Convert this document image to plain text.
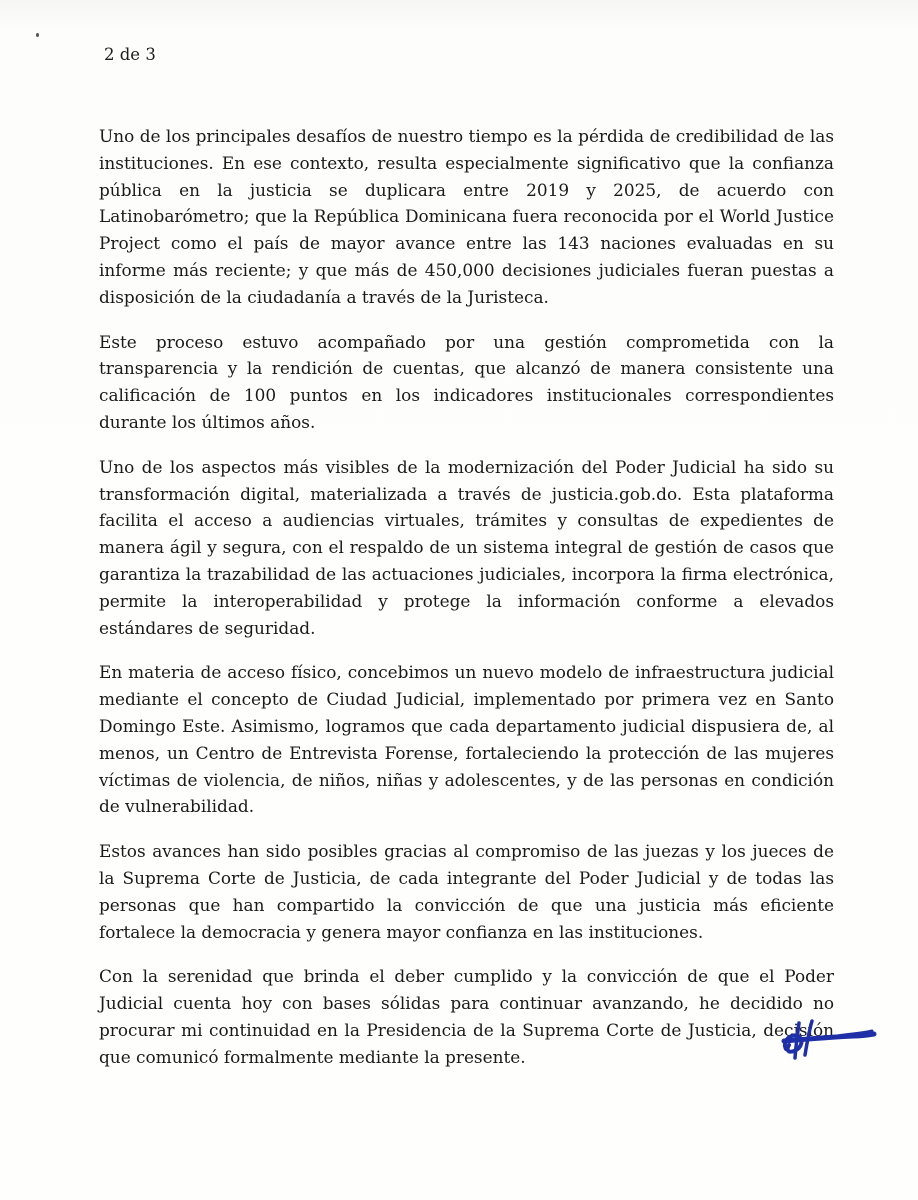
2 de 3

Uno de los principales desafíos de nuestro tiempo es la pérdida de credibilidad de las instituciones. En ese contexto, resulta especialmente significativo que la confianza pública en la justicia se duplicara entre 2019 y 2025, de acuerdo con Latinobarómetro; que la República Dominicana fuera reconocida por el World Justice Project como el país de mayor avance entre las 143 naciones evaluadas en su informe más reciente; y que más de 450,000 decisiones judiciales fueran puestas a disposición de la ciudadanía a través de la Juristeca.

Este proceso estuvo acompañado por una gestión comprometida con la transparencia y la rendición de cuentas, que alcanzó de manera consistente una calificación de 100 puntos en los indicadores institucionales correspondientes durante los últimos años.

Uno de los aspectos más visibles de la modernización del Poder Judicial ha sido su transformación digital, materializada a través de justicia.gob.do. Esta plataforma facilita el acceso a audiencias virtuales, trámites y consultas de expedientes de manera ágil y segura, con el respaldo de un sistema integral de gestión de casos que garantiza la trazabilidad de las actuaciones judiciales, incorpora la firma electrónica, permite la interoperabilidad y protege la información conforme a elevados estándares de seguridad.

En materia de acceso físico, concebimos un nuevo modelo de infraestructura judicial mediante el concepto de Ciudad Judicial, implementado por primera vez en Santo Domingo Este. Asimismo, logramos que cada departamento judicial dispusiera de, al menos, un Centro de Entrevista Forense, fortaleciendo la protección de las mujeres víctimas de violencia, de niños, niñas y adolescentes, y de las personas en condición de vulnerabilidad.

Estos avances han sido posibles gracias al compromiso de las juezas y los jueces de la Suprema Corte de Justicia, de cada integrante del Poder Judicial y de todas las personas que han compartido la convicción de que una justicia más eficiente fortalece la democracia y genera mayor confianza en las instituciones.

Con la serenidad que brinda el deber cumplido y la convicción de que el Poder Judicial cuenta hoy con bases sólidas para continuar avanzando, he decidido no procurar mi continuidad en la Presidencia de la Suprema Corte de Justicia, decisión que comunicó formalmente mediante la presente.
